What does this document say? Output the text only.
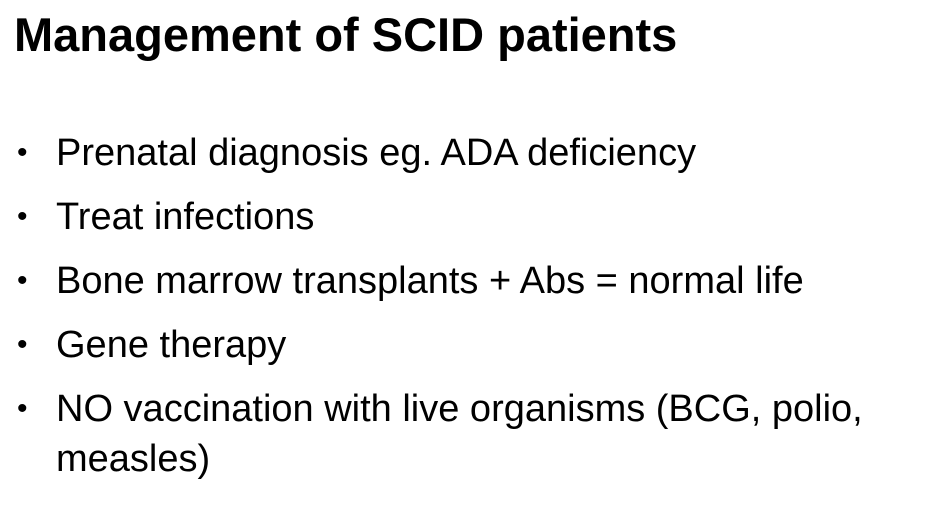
Management of SCID patients
• Prenatal diagnosis eg. ADA deficiency
• Treat infections
• Bone marrow transplants + Abs = normal life
• Gene therapy
• NO vaccination with live organisms (BCG, polio, measles)
